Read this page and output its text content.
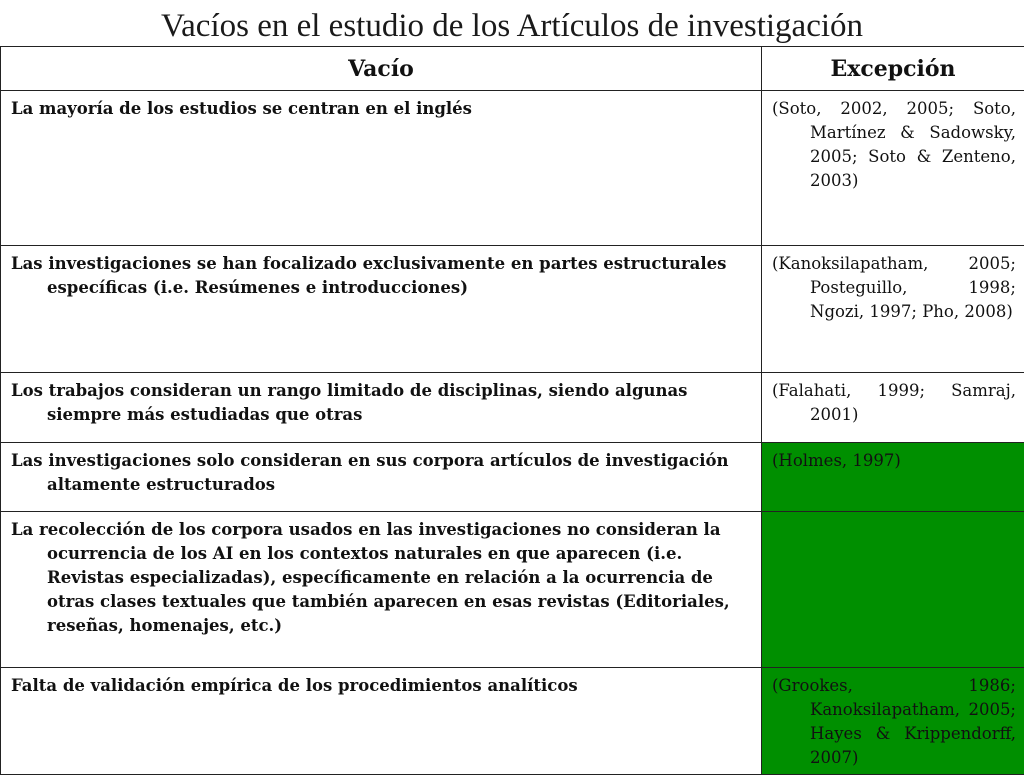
Vacíos en el estudio de los Artículos de investigación
Vacío	Excepción
La mayoría de los estudios se centran en el inglés	(Soto, 2002, 2005; Soto, Martínez & Sadowsky, 2005; Soto & Zenteno, 2003)
Las investigaciones se han focalizado exclusivamente en partes estructurales específicas (i.e. Resúmenes e introducciones)	(Kanoksilapatham, 2005; Posteguillo, 1998; Ngozi, 1997; Pho, 2008)
Los trabajos consideran un rango limitado de disciplinas, siendo algunas siempre más estudiadas que otras	(Falahati, 1999; Samraj, 2001)
Las investigaciones solo consideran en sus corpora artículos de investigación altamente estructurados	(Holmes, 1997)
La recolección de los corpora usados en las investigaciones no consideran la ocurrencia de los AI en los contextos naturales en que aparecen (i.e. Revistas especializadas), específicamente en relación a la ocurrencia de otras clases textuales que también aparecen en esas revistas (Editoriales, reseñas, homenajes, etc.)	
Falta de validación empírica de los procedimientos analíticos	(Grookes, 1986; Kanoksilapatham, 2005; Hayes & Krippendorff, 2007)
